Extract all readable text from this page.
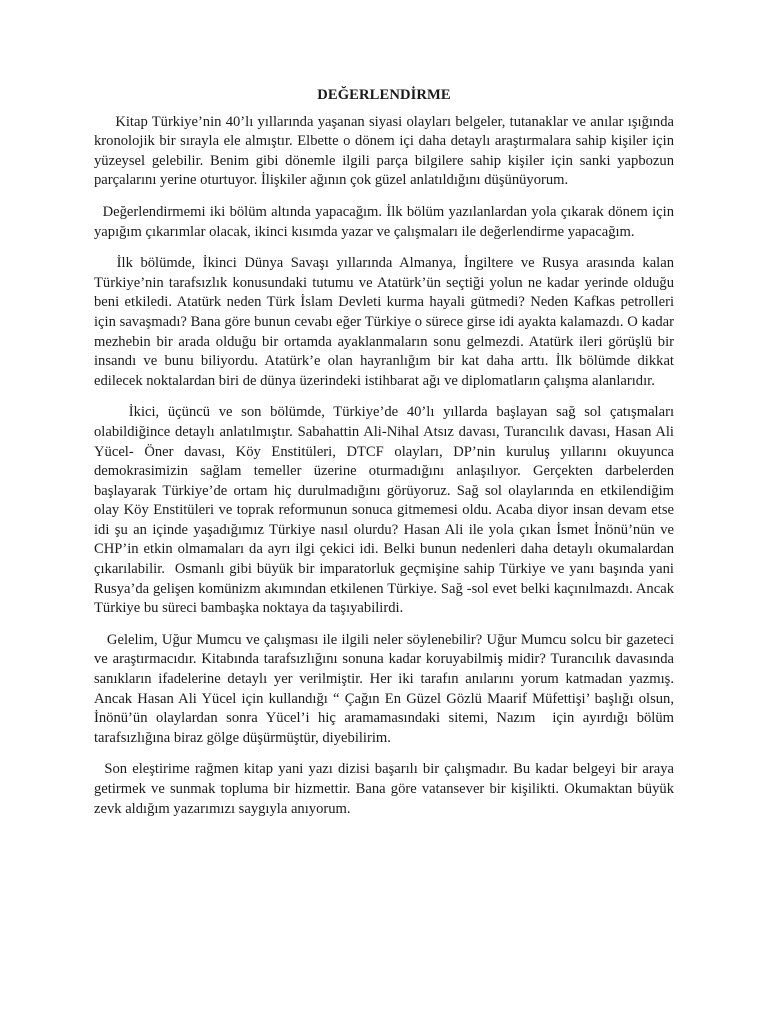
DEĞERLENDİRME

Kitap Türkiye’nin 40’lı yıllarında yaşanan siyasi olayları belgeler, tutanaklar ve anılar ışığında kronolojik bir sırayla ele almıştır. Elbette o dönem içi daha detaylı araştırmalara sahip kişiler için yüzeysel gelebilir. Benim gibi dönemle ilgili parça bilgilere sahip kişiler için sanki yapbozun parçalarını yerine oturtuyor. İlişkiler ağının çok güzel anlatıldığını düşünüyorum.

Değerlendirmemi iki bölüm altında yapacağım. İlk bölüm yazılanlardan yola çıkarak dönem için yapığım çıkarımlar olacak, ikinci kısımda yazar ve çalışmaları ile değerlendirme yapacağım.

İlk bölümde, İkinci Dünya Savaşı yıllarında Almanya, İngiltere ve Rusya arasında kalan Türkiye’nin tarafsızlık konusundaki tutumu ve Atatürk’ün seçtiği yolun ne kadar yerinde olduğu beni etkiledi. Atatürk neden Türk İslam Devleti kurma hayali gütmedi? Neden Kafkas petrolleri için savaşmadı? Bana göre bunun cevabı eğer Türkiye o sürece girse idi ayakta kalamazdı. O kadar mezhebin bir arada olduğu bir ortamda ayaklanmaların sonu gelmezdi. Atatürk ileri görüşlü bir insandı ve bunu biliyordu. Atatürk’e olan hayranlığım bir kat daha arttı. İlk bölümde dikkat edilecek noktalardan biri de dünya üzerindeki istihbarat ağı ve diplomatların çalışma alanlarıdır.

İkici, üçüncü ve son bölümde, Türkiye’de 40’lı yıllarda başlayan sağ sol çatışmaları olabildiğince detaylı anlatılmıştır. Sabahattin Ali-Nihal Atsız davası, Turancılık davası, Hasan Ali Yücel- Öner davası, Köy Enstitüleri, DTCF olayları, DP’nin kuruluş yıllarını okuyunca demokrasimizin sağlam temeller üzerine oturmadığını anlaşılıyor. Gerçekten darbelerden başlayarak Türkiye’de ortam hiç durulmadığını görüyoruz. Sağ sol olaylarında en etkilendiğim olay Köy Enstitüleri ve toprak reformunun sonuca gitmemesi oldu. Acaba diyor insan devam etse idi şu an içinde yaşadığımız Türkiye nasıl olurdu? Hasan Ali ile yola çıkan İsmet İnönü’nün ve CHP’in etkin olmamaları da ayrı ilgi çekici idi. Belki bunun nedenleri daha detaylı okumalardan çıkarılabilir.  Osmanlı gibi büyük bir imparatorluk geçmişine sahip Türkiye ve yanı başında yani Rusya’da gelişen komünizm akımından etkilenen Türkiye. Sağ -sol evet belki kaçınılmazdı. Ancak Türkiye bu süreci bambaşka noktaya da taşıyabilirdi.

Gelelim, Uğur Mumcu ve çalışması ile ilgili neler söylenebilir? Uğur Mumcu solcu bir gazeteci ve araştırmacıdır. Kitabında tarafsızlığını sonuna kadar koruyabilmiş midir? Turancılık davasında sanıkların ifadelerine detaylı yer verilmiştir. Her iki tarafın anılarını yorum katmadan yazmış. Ancak Hasan Ali Yücel için kullandığı “ Çağın En Güzel Gözlü Maarif Müfettişi’ başlığı olsun, İnönü’ün olaylardan sonra Yücel’i hiç aramamasındaki sitemi, Nazım  için ayırdığı bölüm tarafsızlığına biraz gölge düşürmüştür, diyebilirim.

Son eleştirime rağmen kitap yani yazı dizisi başarılı bir çalışmadır. Bu kadar belgeyi bir araya getirmek ve sunmak topluma bir hizmettir. Bana göre vatansever bir kişilikti. Okumaktan büyük zevk aldığım yazarımızı saygıyla anıyorum.
